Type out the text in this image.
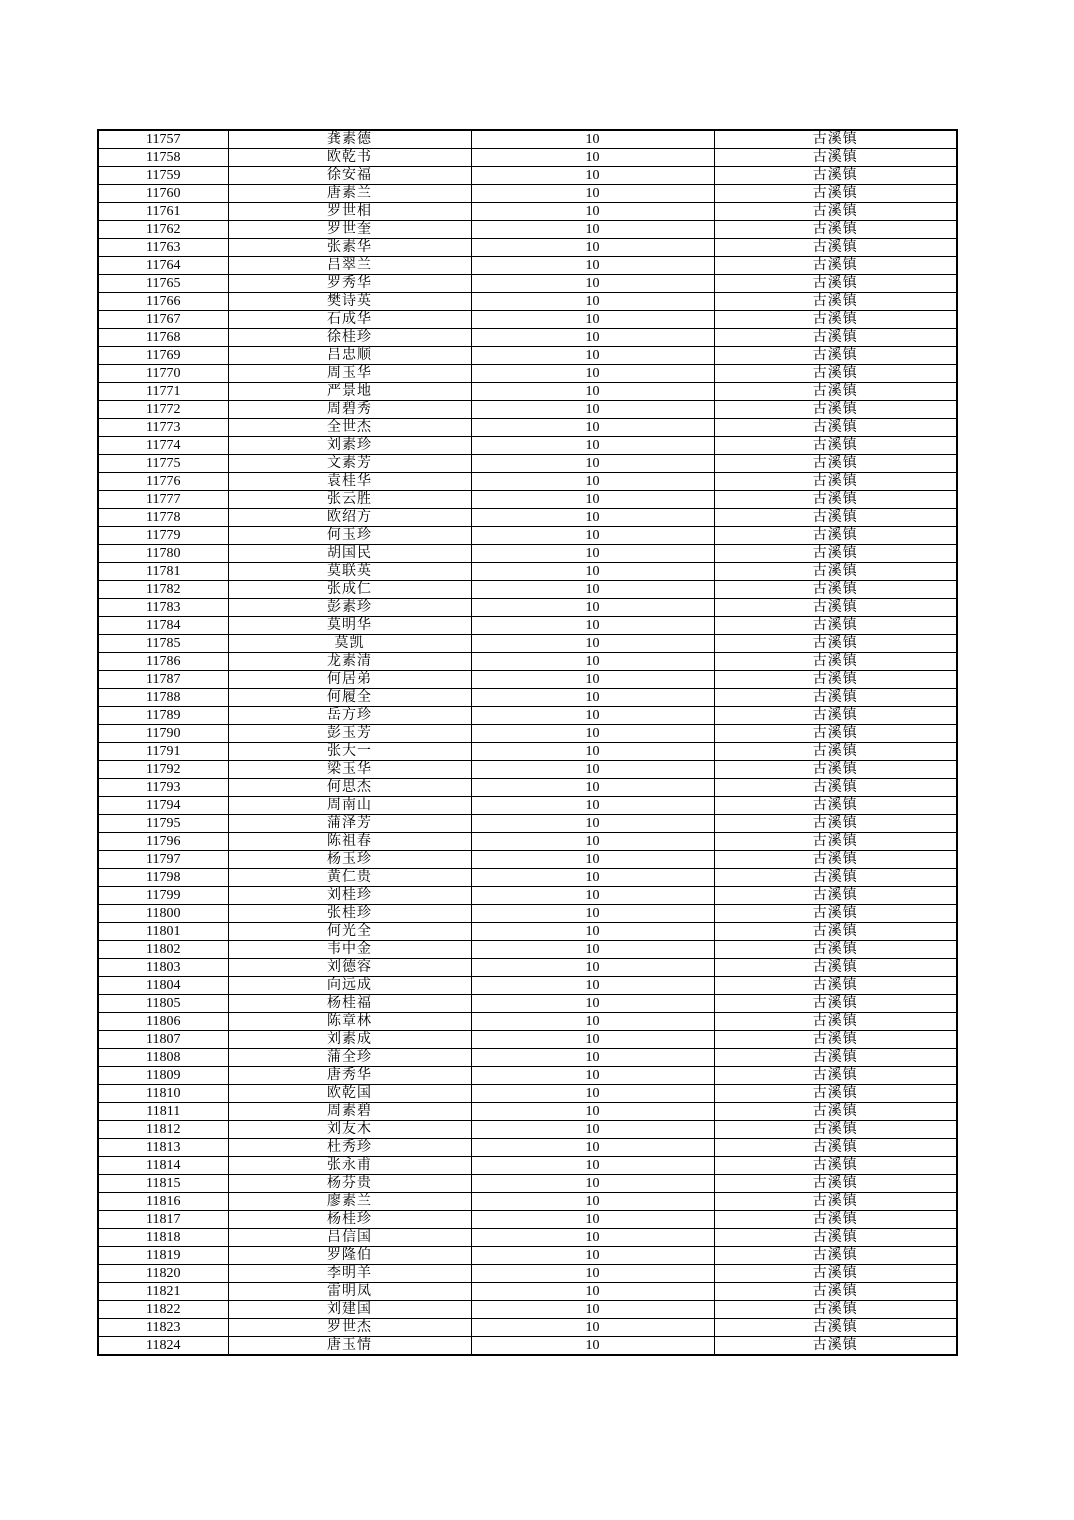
11757	龚素德	10	古溪镇
11758	欧乾书	10	古溪镇
11759	徐安福	10	古溪镇
11760	唐素兰	10	古溪镇
11761	罗世相	10	古溪镇
11762	罗世奎	10	古溪镇
11763	张素华	10	古溪镇
11764	吕翠兰	10	古溪镇
11765	罗秀华	10	古溪镇
11766	樊诗英	10	古溪镇
11767	石成华	10	古溪镇
11768	徐桂珍	10	古溪镇
11769	吕忠顺	10	古溪镇
11770	周玉华	10	古溪镇
11771	严景地	10	古溪镇
11772	周碧秀	10	古溪镇
11773	全世杰	10	古溪镇
11774	刘素珍	10	古溪镇
11775	文素芳	10	古溪镇
11776	袁桂华	10	古溪镇
11777	张云胜	10	古溪镇
11778	欧绍方	10	古溪镇
11779	何玉珍	10	古溪镇
11780	胡国民	10	古溪镇
11781	莫联英	10	古溪镇
11782	张成仁	10	古溪镇
11783	彭素珍	10	古溪镇
11784	莫明华	10	古溪镇
11785	莫凯	10	古溪镇
11786	龙素清	10	古溪镇
11787	何居弟	10	古溪镇
11788	何履全	10	古溪镇
11789	岳方珍	10	古溪镇
11790	彭玉芳	10	古溪镇
11791	张大一	10	古溪镇
11792	梁玉华	10	古溪镇
11793	何思杰	10	古溪镇
11794	周南山	10	古溪镇
11795	蒲泽芳	10	古溪镇
11796	陈祖春	10	古溪镇
11797	杨玉珍	10	古溪镇
11798	黄仁贵	10	古溪镇
11799	刘桂珍	10	古溪镇
11800	张桂珍	10	古溪镇
11801	何光全	10	古溪镇
11802	韦中金	10	古溪镇
11803	刘德容	10	古溪镇
11804	向远成	10	古溪镇
11805	杨桂福	10	古溪镇
11806	陈章林	10	古溪镇
11807	刘素成	10	古溪镇
11808	蒲全珍	10	古溪镇
11809	唐秀华	10	古溪镇
11810	欧乾国	10	古溪镇
11811	周素碧	10	古溪镇
11812	刘友木	10	古溪镇
11813	杜秀珍	10	古溪镇
11814	张永甫	10	古溪镇
11815	杨芬贵	10	古溪镇
11816	廖素兰	10	古溪镇
11817	杨桂珍	10	古溪镇
11818	吕信国	10	古溪镇
11819	罗隆伯	10	古溪镇
11820	李明羊	10	古溪镇
11821	雷明凤	10	古溪镇
11822	刘建国	10	古溪镇
11823	罗世杰	10	古溪镇
11824	唐玉情	10	古溪镇
